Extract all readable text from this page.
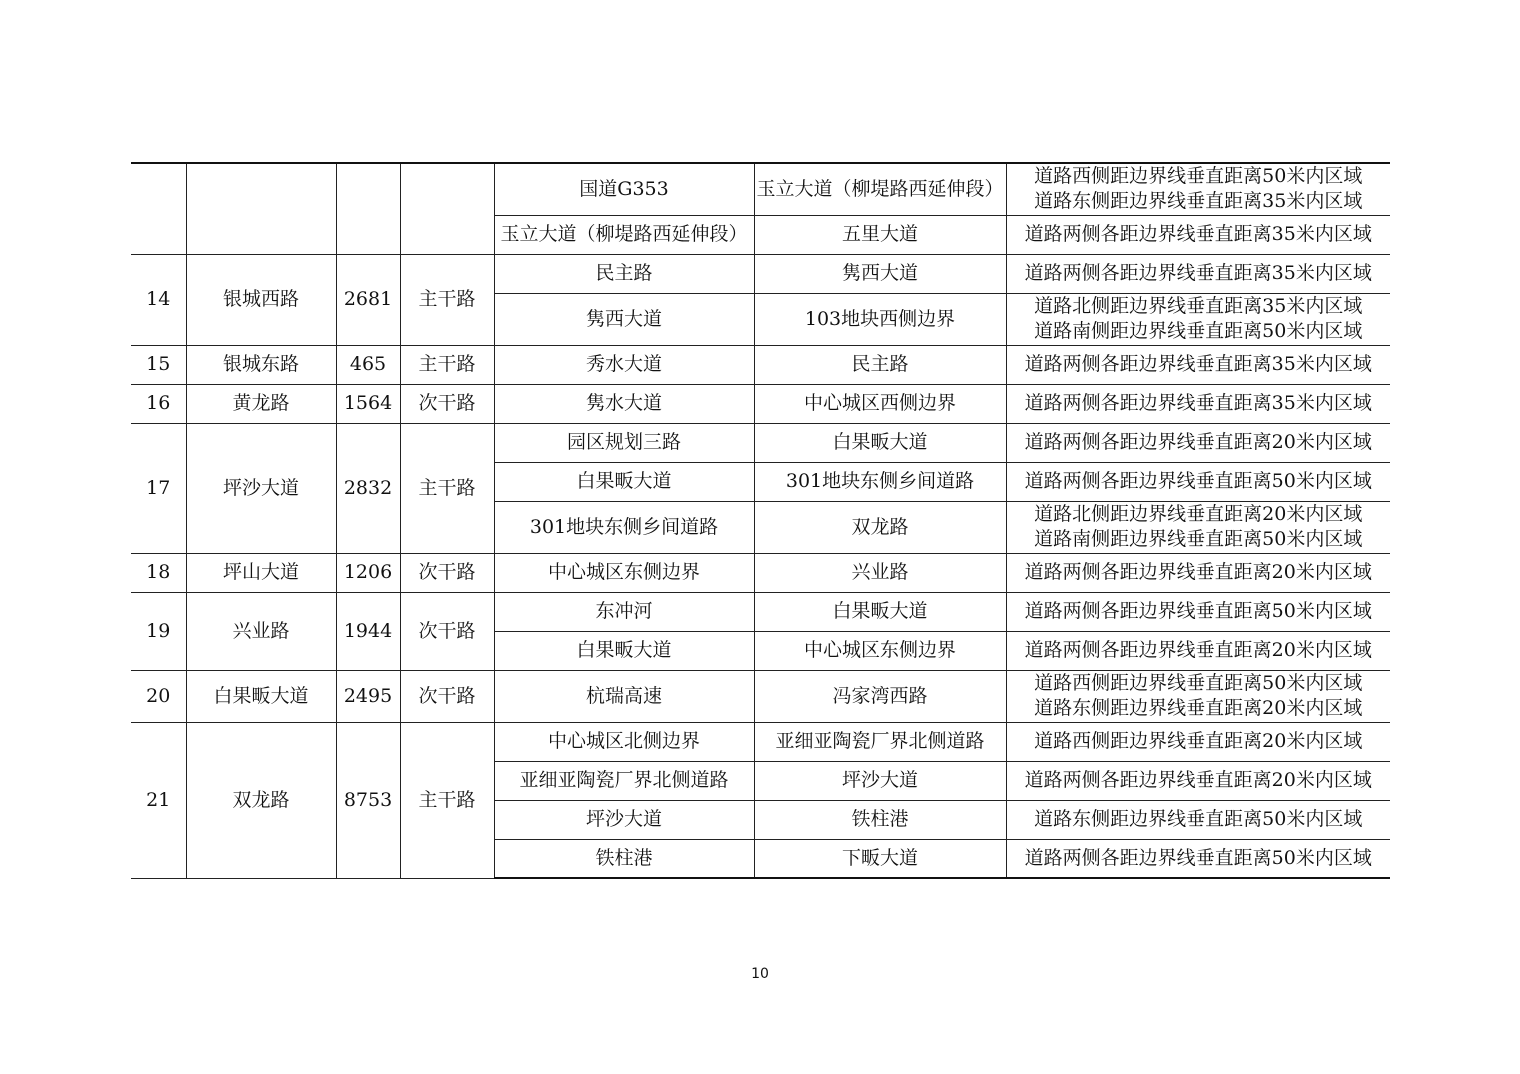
				国道G353	玉立大道（柳堤路西延伸段）	道路西侧距边界线垂直距离50米内区域
道路东侧距边界线垂直距离35米内区域

				玉立大道（柳堤路西延伸段）	五里大道	道路两侧各距边界线垂直距离35米内区域

14	银城西路	2681	主干路	民主路	隽西大道	道路两侧各距边界线垂直距离35米内区域

				隽西大道	103地块西侧边界	道路北侧距边界线垂直距离35米内区域
道路南侧距边界线垂直距离50米内区域

15	银城东路	465	主干路	秀水大道	民主路	道路两侧各距边界线垂直距离35米内区域

16	黄龙路	1564	次干路	隽水大道	中心城区西侧边界	道路两侧各距边界线垂直距离35米内区域

17	坪沙大道	2832	主干路	园区规划三路	白果畈大道	道路两侧各距边界线垂直距离20米内区域

				白果畈大道	301地块东侧乡间道路	道路两侧各距边界线垂直距离50米内区域

				301地块东侧乡间道路	双龙路	道路北侧距边界线垂直距离20米内区域
道路南侧距边界线垂直距离50米内区域

18	坪山大道	1206	次干路	中心城区东侧边界	兴业路	道路两侧各距边界线垂直距离20米内区域

19	兴业路	1944	次干路	东冲河	白果畈大道	道路两侧各距边界线垂直距离50米内区域

				白果畈大道	中心城区东侧边界	道路两侧各距边界线垂直距离20米内区域

20	白果畈大道	2495	次干路	杭瑞高速	冯家湾西路	道路西侧距边界线垂直距离50米内区域
道路东侧距边界线垂直距离20米内区域

21	双龙路	8753	主干路	中心城区北侧边界	亚细亚陶瓷厂界北侧道路	道路西侧距边界线垂直距离20米内区域

				亚细亚陶瓷厂界北侧道路	坪沙大道	道路两侧各距边界线垂直距离20米内区域

				坪沙大道	铁柱港	道路东侧距边界线垂直距离50米内区域

				铁柱港	下畈大道	道路两侧各距边界线垂直距离50米内区域
10
